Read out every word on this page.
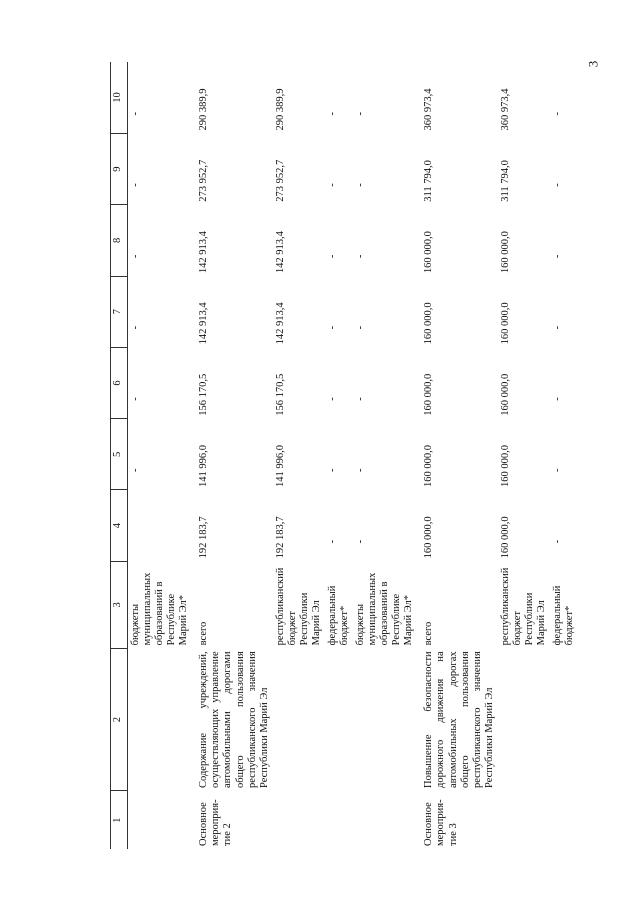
3
1	2	3	4	5	6	7	8	9	10
		бюджеты муниципальных образований в Республике Марий Эл*		-	-	-	-	-	-
Основное мероприя-тие 2	Содержание учреждений, осуществляющих управление автомобильными дорогами общего пользования республиканского значения Республики Марий Эл	всего	192 183,7	141 996,0	156 170,5	142 913,4	142 913,4	273 952,7	290 389,9
		республиканский бюджет Республики Марий Эл	192 183,7	141 996,0	156 170,5	142 913,4	142 913,4	273 952,7	290 389,9
		федеральный бюджет*	-	-	-	-	-	-	-
		бюджеты муниципальных образований в Республике Марий Эл*	-	-	-	-	-	-	-
Основное мероприя-тие 3	Повышение безопасности дорожного движения на автомобильных дорогах общего пользования республиканского значения Республики Марий Эл	всего	160 000,0	160 000,0	160 000,0	160 000,0	160 000,0	311 794,0	360 973,4
		республиканский бюджет Республики Марий Эл	160 000,0	160 000,0	160 000,0	160 000,0	160 000,0	311 794,0	360 973,4
		федеральный бюджет*	-	-	-	-	-	-	-
